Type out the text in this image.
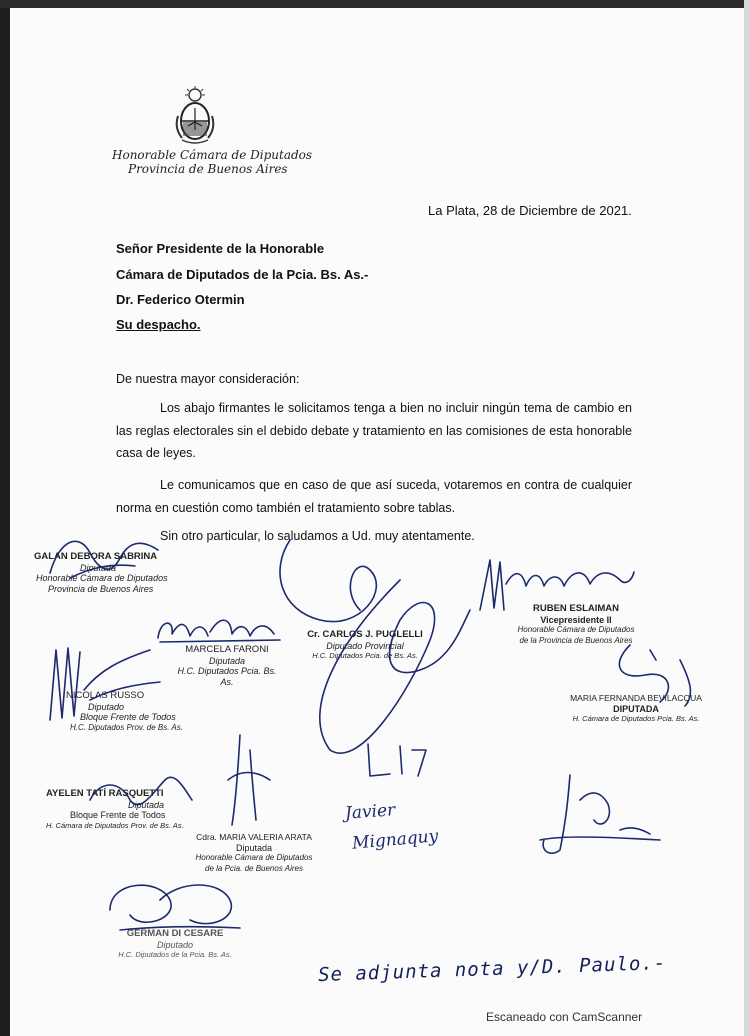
Honorable Cámara de Diputados
Provincia de Buenos Aires
La Plata, 28 de Diciembre de 2021.
Señor Presidente de la Honorable
Cámara de Diputados de la Pcia. Bs. As.-
Dr. Federico Otermin
Su despacho.
De nuestra mayor consideración:
Los abajo firmantes le solicitamos tenga a bien no incluir ningún tema de cambio en las reglas electorales sin el debido debate y tratamiento en las comisiones de esta honorable casa de leyes.
Le comunicamos que en caso de que así suceda, votaremos en contra de cualquier norma en cuestión como también el tratamiento sobre tablas.
Sin otro particular, lo saludamos a Ud. muy atentamente.
GALAN DEBORA SABRINA
Diputada
Honorable Cámara de Diputados
Provincia de Buenos Aires
MARCELA FARONI
Diputada
H.C. Diputados Pcia. Bs. As.
Cr. CARLOS J. PUGLELLI
Diputado Provincial
H.C. Diputados Pcia. de Bs. As.
RUBEN ESLAIMAN
Vicepresidente II
Honorable Cámara de Diputados
de la Provincia de Buenos Aires
NICOLAS RUSSO
Diputado
Bloque Frente de Todos
H.C. Diputados Prov. de Bs. As.
MARIA FERNANDA BEVILACQUA
DIPUTADA
H. Cámara de Diputados Pcia. Bs. As.
AYELEN TATÍ RASQUETTI
Diputada
Bloque Frente de Todos
H. Cámara de Diputados Prov. de Bs. As.
Cdra. MARIA VALERIA ARATA
Diputada
Honorable Cámara de Diputados
de la Pcia. de Buenos Aires
GERMAN DI CESARE
Diputado
H.C. Diputados de la Pcia. Bs. As.
Javier
Mignaquy
Se adjunta nota y/D. Paulo.-
Escaneado con CamScanner
